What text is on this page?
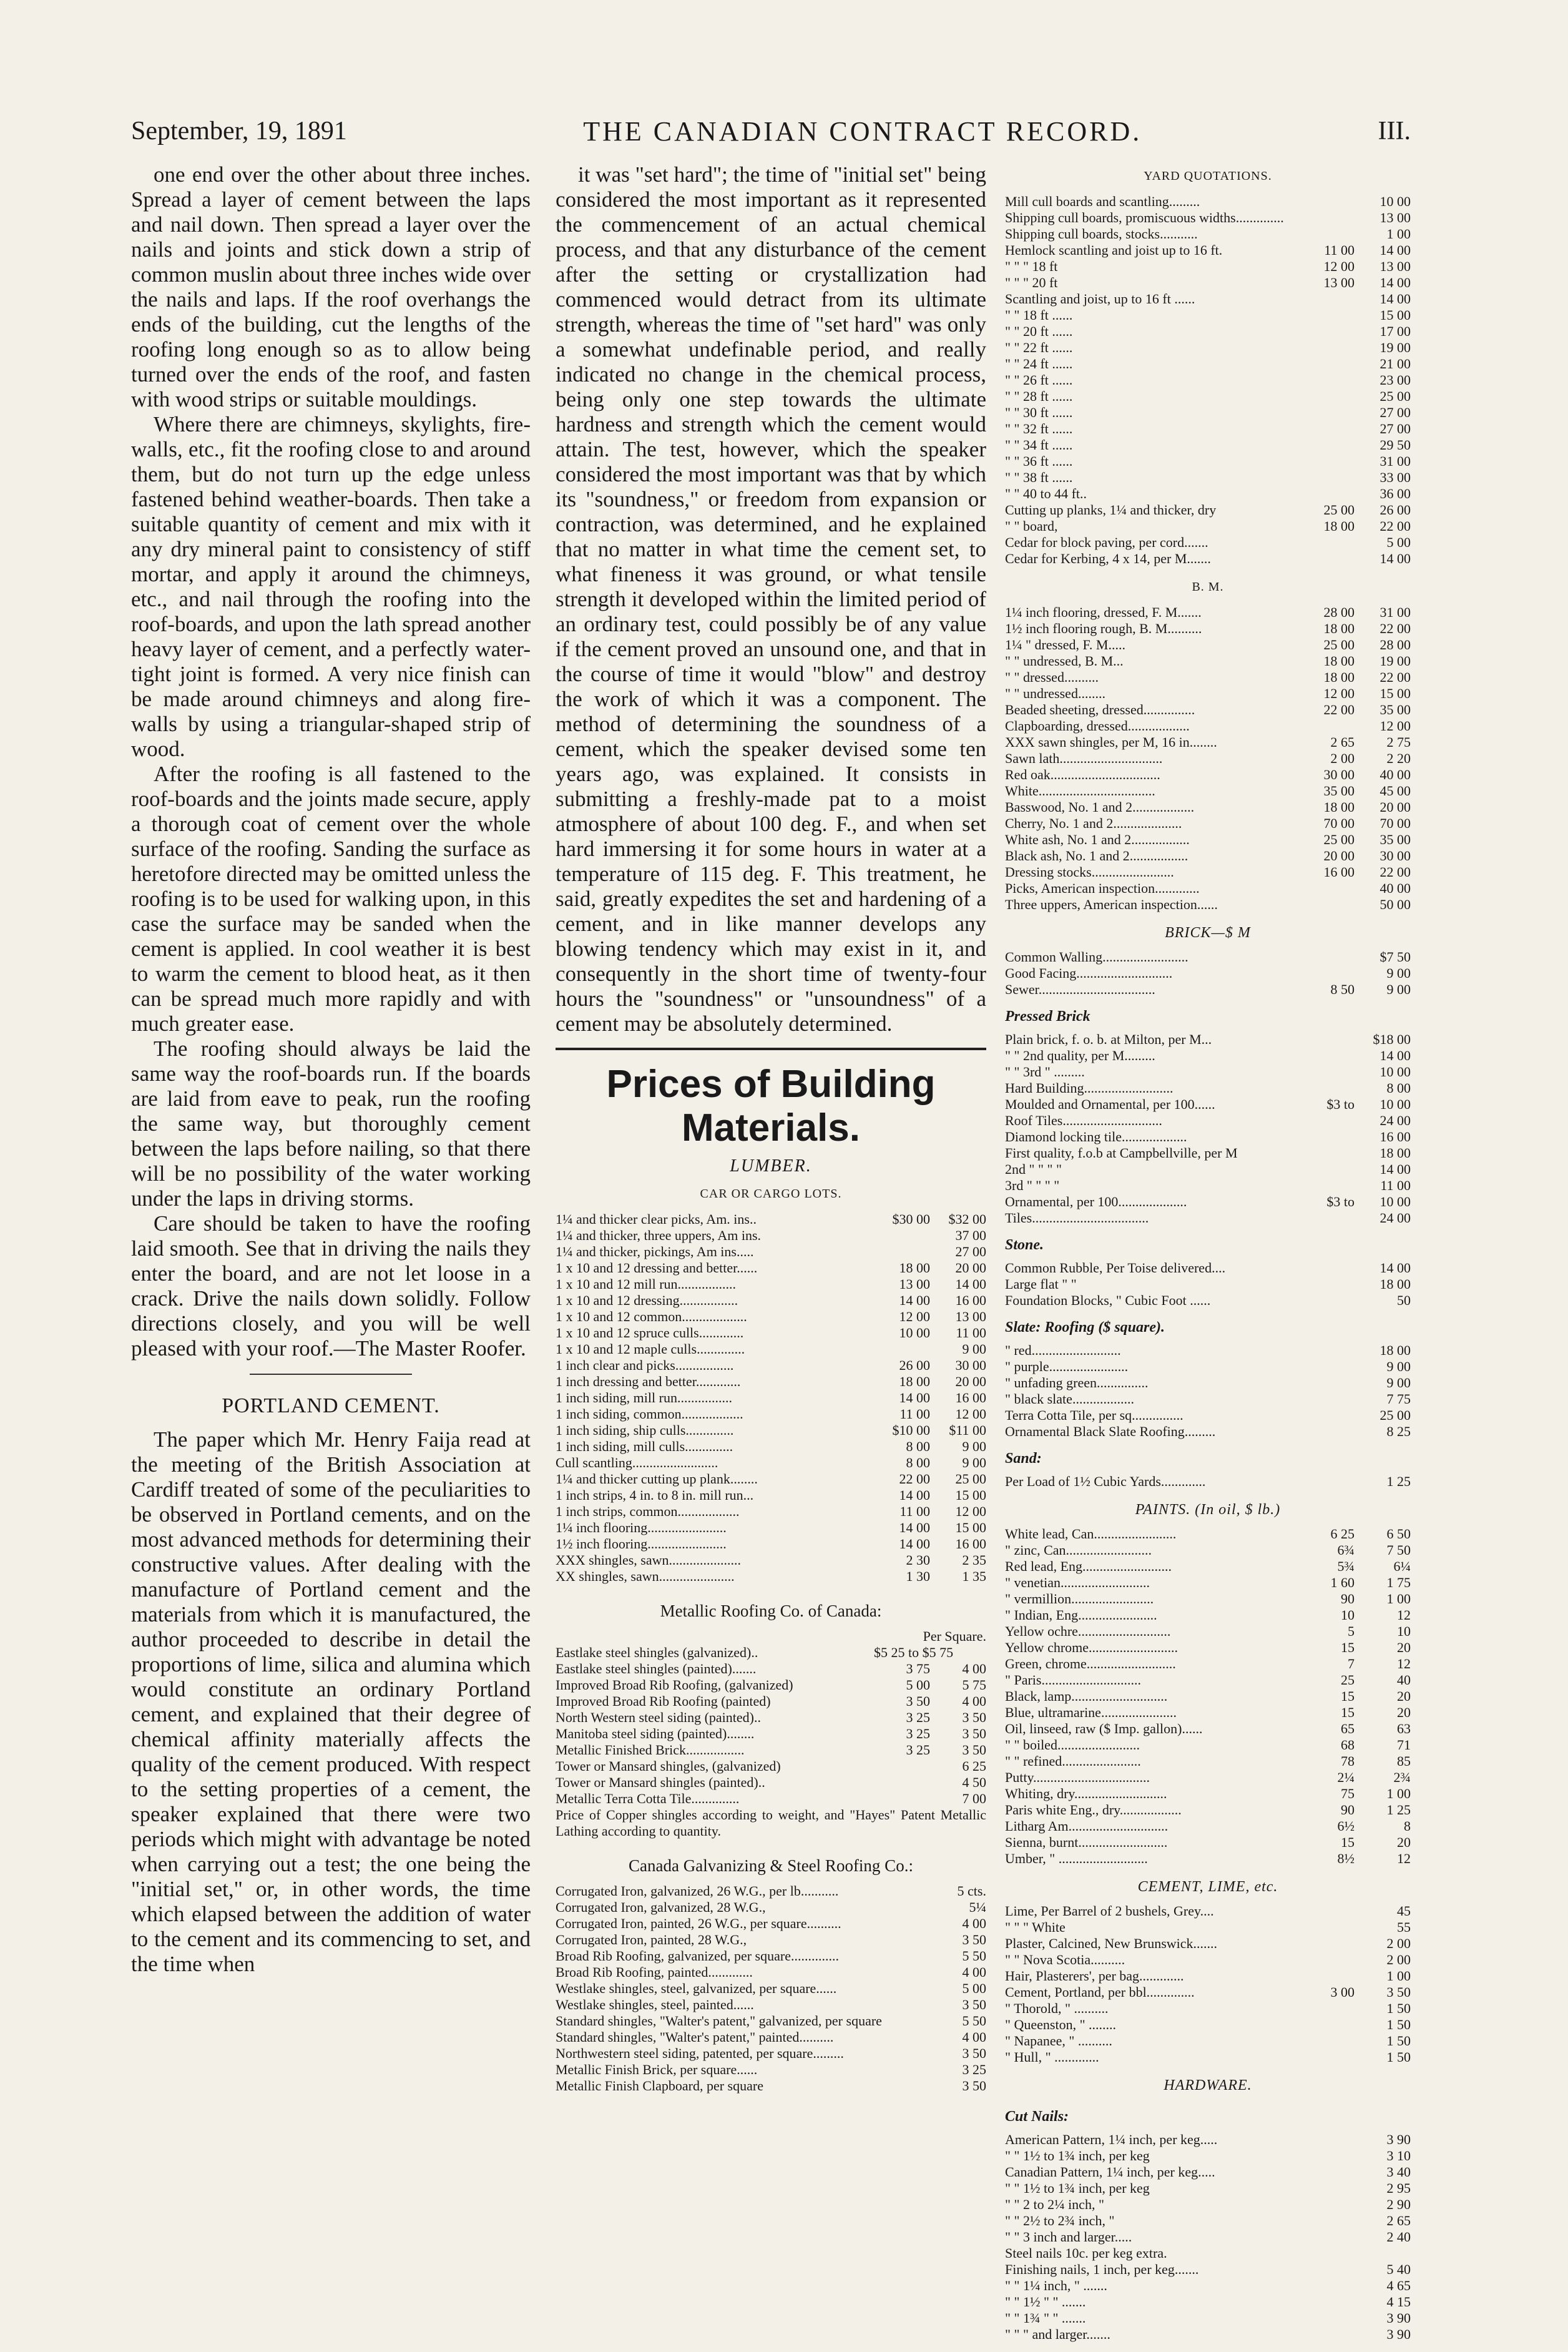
September, 19, 1891	THE CANADIAN CONTRACT RECORD.	III.

one end over the other about three inches. Spread a layer of cement between the laps and nail down. Then spread a layer over the nails and joints and stick down a strip of common muslin about three inches wide over the nails and laps. If the roof overhangs the ends of the building, cut the lengths of the roofing long enough so as to allow being turned over the ends of the roof, and fasten with wood strips or suitable mouldings.

Where there are chimneys, skylights, fire-walls, etc., fit the roofing close to and around them, but do not turn up the edge unless fastened behind weather-boards. Then take a suitable quantity of cement and mix with it any dry mineral paint to consistency of stiff mortar, and apply it around the chimneys, etc., and nail through the roofing into the roof-boards, and upon the lath spread another heavy layer of cement, and a perfectly water-tight joint is formed. A very nice finish can be made around chimneys and along fire-walls by using a triangular-shaped strip of wood.

After the roofing is all fastened to the roof-boards and the joints made secure, apply a thorough coat of cement over the whole surface of the roofing. Sanding the surface as heretofore directed may be omitted unless the roofing is to be used for walking upon, in this case the surface may be sanded when the cement is applied. In cool weather it is best to warm the cement to blood heat, as it then can be spread much more rapidly and with much greater ease.

The roofing should always be laid the same way the roof-boards run. If the boards are laid from eave to peak, run the roofing the same way, but thoroughly cement between the laps before nailing, so that there will be no possibility of the water working under the laps in driving storms.

Care should be taken to have the roofing laid smooth. See that in driving the nails they enter the board, and are not let loose in a crack. Drive the nails down solidly. Follow directions closely, and you will be well pleased with your roof.—The Master Roofer.

PORTLAND CEMENT.

The paper which Mr. Henry Faija read at the meeting of the British Association at Cardiff treated of some of the peculiarities to be observed in Portland cements, and on the most advanced methods for determining their constructive values. After dealing with the manufacture of Portland cement and the materials from which it is manufactured, the author proceeded to describe in detail the proportions of lime, silica and alumina which would constitute an ordinary Portland cement, and explained that their degree of chemical affinity materially affects the quality of the cement produced. With respect to the setting properties of a cement, the speaker explained that there were two periods which might with advantage be noted when carrying out a test; the one being the "initial set," or, in other words, the time which elapsed between the addition of water to the cement and its commencing to set, and the time when

it was "set hard"; the time of "initial set" being considered the most important as it represented the commencement of an actual chemical process, and that any disturbance of the cement after the setting or crystallization had commenced would detract from its ultimate strength, whereas the time of "set hard" was only a somewhat undefinable period, and really indicated no change in the chemical process, being only one step towards the ultimate hardness and strength which the cement would attain. The test, however, which the speaker considered the most important was that by which its "soundness," or freedom from expansion or contraction, was determined, and he explained that no matter in what time the cement set, to what fineness it was ground, or what tensile strength it developed within the limited period of an ordinary test, could possibly be of any value if the cement proved an unsound one, and that in the course of time it would "blow" and destroy the work of which it was a component. The method of determining the soundness of a cement, which the speaker devised some ten years ago, was explained. It consists in submitting a freshly-made pat to a moist atmosphere of about 100 deg. F., and when set hard immersing it for some hours in water at a temperature of 115 deg. F. This treatment, he said, greatly expedites the set and hardening of a cement, and in like manner develops any blowing tendency which may exist in it, and consequently in the short time of twenty-four hours the "soundness" or "unsoundness" of a cement may be absolutely determined.

Prices of Building Materials.
LUMBER.
CAR OR CARGO LOTS.
1¼ and thicker clear picks, Am. ins..	$30 00	$32 00
1¼ and thicker, three uppers, Am ins.	37 00
1¼ and thicker, pickings, Am ins.....	27 00
1 x 10 and 12 dressing and better......	18 00	20 00
1 x 10 and 12 mill run.................	13 00	14 00
1 x 10 and 12 dressing.................	14 00	16 00
1 x 10 and 12 common...................	12 00	13 00
1 x 10 and 12 spruce culls.............	10 00	11 00
1 x 10 and 12 maple culls..............	9 00
1 inch clear and picks.................	26 00	30 00
1 inch dressing and better.............	18 00	20 00
1 inch siding, mill run................	14 00	16 00
1 inch siding, common..................	11 00	12 00
1 inch siding, ship culls..............	$10 00	$11 00
1 inch siding, mill culls..............	8 00	9 00
Cull scantling.........................	8 00	9 00
1¼ and thicker cutting up plank........	22 00	25 00
1 inch strips, 4 in. to 8 in. mill run...	14 00	15 00
1 inch strips, common..................	11 00	12 00
1¼ inch flooring.......................	14 00	15 00
1½ inch flooring.......................	14 00	16 00
XXX shingles, sawn.....................	2 30	2 35
XX shingles, sawn......................	1 30	1 35
Metallic Roofing Co. of Canada:
Per Square.
Eastlake steel shingles (galvanized)..	$5 25 to $5 75
Eastlake steel shingles (painted).......	3 75	4 00
Improved Broad Rib Roofing, (galvanized)	5 00	5 75
Improved Broad Rib Roofing (painted)	3 50	4 00
North Western steel siding (painted)..	3 25	3 50
Manitoba steel siding (painted)........	3 25	3 50
Metallic Finished Brick.................	3 25	3 50
Tower or Mansard shingles, (galvanized)	6 25
Tower or Mansard shingles (painted)..	4 50
Metallic Terra Cotta Tile..............	7 00
Price of Copper shingles according to weight, and "Hayes" Patent Metallic Lathing according to quantity.
Canada Galvanizing & Steel Roofing Co.:
Corrugated Iron, galvanized, 26 W.G., per lb...........	5 cts.
Corrugated Iron, galvanized, 28 W.G.,	5¼
Corrugated Iron, painted, 26 W.G., per square..........	4 00
Corrugated Iron, painted, 28 W.G.,	3 50
Broad Rib Roofing, galvanized, per square..............	5 50
Broad Rib Roofing, painted.............	4 00
Westlake shingles, steel, galvanized, per square......	5 00
Westlake shingles, steel, painted......	3 50
Standard shingles, "Walter's patent," galvanized, per square	5 50
Standard shingles, "Walter's patent," painted..........	4 00
Northwestern steel siding, patented, per square.........	3 50
Metallic Finish Brick, per square......	3 25
Metallic Finish Clapboard, per square	3 50
YARD QUOTATIONS.
Mill cull boards and scantling.........	10 00
Shipping cull boards, promiscuous widths..............	13 00
Shipping cull boards, stocks...........	1 00
Hemlock scantling and joist up to 16 ft.	11 00	14 00
" " " 18 ft	12 00	13 00
" " " 20 ft	13 00	14 00
Scantling and joist, up to 16 ft ......	14 00
" " 18 ft ......	15 00
" " 20 ft ......	17 00
" " 22 ft ......	19 00
" " 24 ft ......	21 00
" " 26 ft ......	23 00
" " 28 ft ......	25 00
" " 30 ft ......	27 00
" " 32 ft ......	27 00
" " 34 ft ......	29 50
" " 36 ft ......	31 00
" " 38 ft ......	33 00
" " 40 to 44 ft..	36 00
Cutting up planks, 1¼ and thicker, dry	25 00	26 00
" " board,	18 00	22 00
Cedar for block paving, per cord.......	5 00
Cedar for Kerbing, 4 x 14, per M.......	14 00
B. M.
1¼ inch flooring, dressed, F. M.......	28 00	31 00
1½ inch flooring rough, B. M..........	18 00	22 00
1¼ " dressed, F. M.....	25 00	28 00
" " undressed, B. M...	18 00	19 00
" " dressed..........	18 00	22 00
" " undressed........	12 00	15 00
Beaded sheeting, dressed...............	22 00	35 00
Clapboarding, dressed..................	12 00
XXX sawn shingles, per M, 16 in........	2 65	2 75
Sawn lath..............................	2 00	2 20
Red oak................................	30 00	40 00
White..................................	35 00	45 00
Basswood, No. 1 and 2..................	18 00	20 00
Cherry, No. 1 and 2....................	70 00	70 00
White ash, No. 1 and 2.................	25 00	35 00
Black ash, No. 1 and 2.................	20 00	30 00
Dressing stocks........................	16 00	22 00
Picks, American inspection.............	40 00
Three uppers, American inspection......	50 00
BRICK—$ M
Common Walling.........................	$7 50
Good Facing............................	9 00
Sewer..................................	8 50	9 00
Pressed Brick
Plain brick, f. o. b. at Milton, per M...	$18 00
" " 2nd quality, per M.........	14 00
" " 3rd " .........	10 00
Hard Building..........................	8 00
Moulded and Ornamental, per 100......	$3 to	10 00
Roof Tiles.............................	24 00
Diamond locking tile...................	16 00
First quality, f.o.b at Campbellville, per M	18 00
2nd " " " "	14 00
3rd " " " "	11 00
Ornamental, per 100....................	$3 to	10 00
Tiles..................................	24 00
Stone.
Common Rubble, Per Toise delivered....	14 00
Large flat " "	18 00
Foundation Blocks, " Cubic Foot ......	50
Slate: Roofing ($ square).
" red..........................	18 00
" purple.......................	9 00
" unfading green...............	9 00
" black slate..................	7 75
Terra Cotta Tile, per sq...............	25 00
Ornamental Black Slate Roofing.........	8 25
Sand:
Per Load of 1½ Cubic Yards.............	1 25
PAINTS. (In oil, $ lb.)
White lead, Can........................	6 25	6 50
" zinc, Can.........................	6¾	7 50
Red lead, Eng..........................	5¾	6¼
" venetian..........................	1 60	1 75
" vermillion........................	90	1 00
" Indian, Eng.......................	10	12
Yellow ochre...........................	5	10
Yellow chrome..........................	15	20
Green, chrome..........................	7	12
" Paris.............................	25	40
Black, lamp............................	15	20
Blue, ultramarine......................	15	20
Oil, linseed, raw ($ Imp. gallon)......	65	63
" " boiled........................	68	71
" " refined.......................	78	85
Putty..................................	2¼	2¾
Whiting, dry...........................	75	1 00
Paris white Eng., dry..................	90	1 25
Litharg Am.............................	6½	8
Sienna, burnt..........................	15	20
Umber, " ..........................	8½	12
CEMENT, LIME, etc.
Lime, Per Barrel of 2 bushels, Grey....	45
" " " White	55
Plaster, Calcined, New Brunswick.......	2 00
" " Nova Scotia..........	2 00
Hair, Plasterers', per bag.............	1 00
Cement, Portland, per bbl..............	3 00	3 50
" Thorold, " ..........	1 50
" Queenston, " ........	1 50
" Napanee, " ..........	1 50
" Hull, " .............	1 50
HARDWARE.
Cut Nails:
American Pattern, 1¼ inch, per keg.....	3 90
" " 1½ to 1¾ inch, per keg	3 10
Canadian Pattern, 1¼ inch, per keg.....	3 40
" " 1½ to 1¾ inch, per keg	2 95
" " 2 to 2¼ inch, "	2 90
" " 2½ to 2¾ inch, "	2 65
" " 3 inch and larger.....	2 40
Steel nails 10c. per keg extra.
Finishing nails, 1 inch, per keg.......	5 40
" " 1¼ inch, " .......	4 65
" " 1½ " " .......	4 15
" " 1¾ " " .......	3 90
" " " and larger.......	3 90
